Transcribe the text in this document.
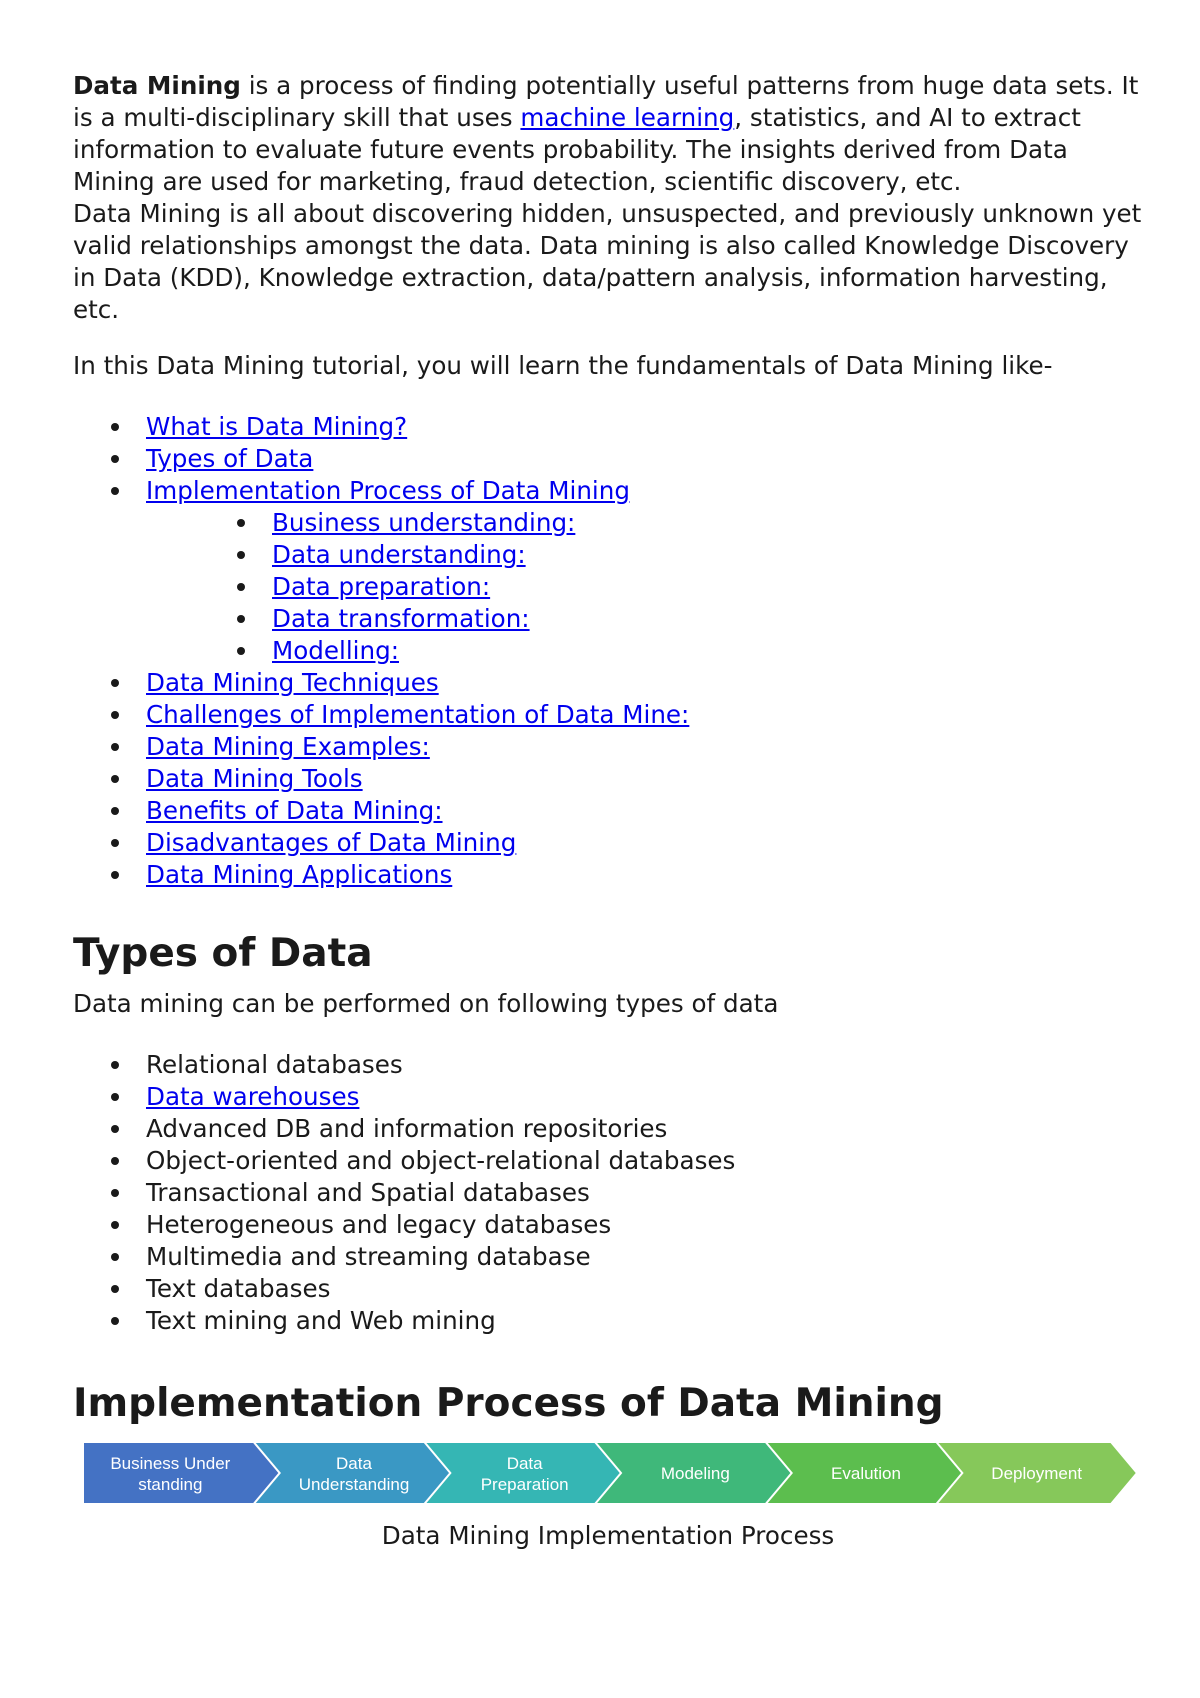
Data Mining is a process of finding potentially useful patterns from huge data sets. It is a multi-disciplinary skill that uses machine learning, statistics, and AI to extract information to evaluate future events probability. The insights derived from Data Mining are used for marketing, fraud detection, scientific discovery, etc.

Data Mining is all about discovering hidden, unsuspected, and previously unknown yet valid relationships amongst the data. Data mining is also called Knowledge Discovery in Data (KDD), Knowledge extraction, data/pattern analysis, information harvesting, etc.

In this Data Mining tutorial, you will learn the fundamentals of Data Mining like-

What is Data Mining?
Types of Data
Implementation Process of Data Mining
Business understanding:
Data understanding:
Data preparation:
Data transformation:
Modelling:
Data Mining Techniques
Challenges of Implementation of Data Mine:
Data Mining Examples:
Data Mining Tools
Benefits of Data Mining:
Disadvantages of Data Mining
Data Mining Applications
Types of Data

Data mining can be performed on following types of data

Relational databases
Data warehouses
Advanced DB and information repositories
Object-oriented and object-relational databases
Transactional and Spatial databases
Heterogeneous and legacy databases
Multimedia and streaming database
Text databases
Text mining and Web mining
Implementation Process of Data Mining
Business Under standing
Data Understanding
Data Preparation
Modeling	Evalution	Deployment
Data Mining Implementation Process
